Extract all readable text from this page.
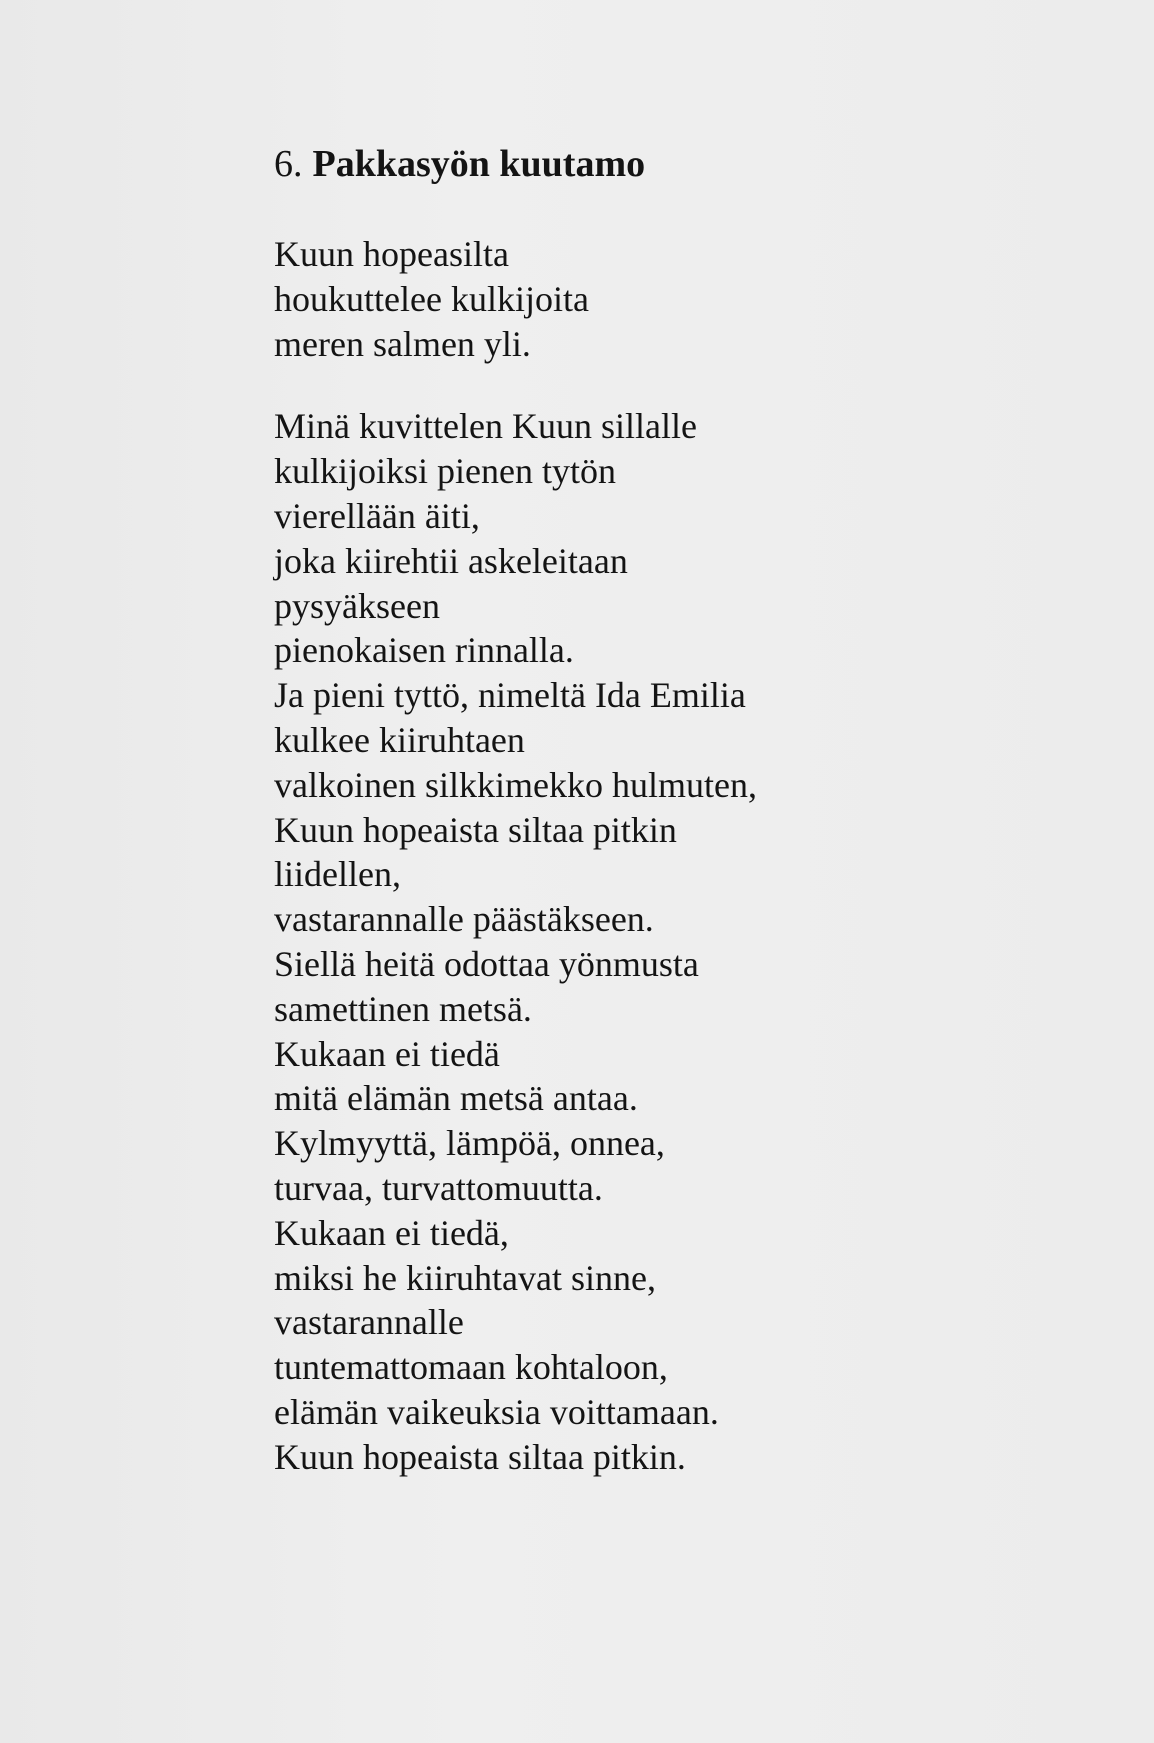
6. Pakkasyön kuutamo
Kuun hopeasilta
houkuttelee kulkijoita
meren salmen yli.
Minä kuvittelen Kuun sillalle
kulkijoiksi pienen tytön
vierellään äiti,
joka kiirehtii askeleitaan
pysyäkseen
pienokaisen rinnalla.
Ja pieni tyttö, nimeltä Ida Emilia
kulkee kiiruhtaen
valkoinen silkkimekko hulmuten,
Kuun hopeaista siltaa pitkin
liidellen,
vastarannalle päästäkseen.
Siellä heitä odottaa yönmusta
samettinen metsä.
Kukaan ei tiedä
mitä elämän metsä antaa.
Kylmyyttä, lämpöä, onnea,
turvaa, turvattomuutta.
Kukaan ei tiedä,
miksi he kiiruhtavat sinne,
vastarannalle
tuntemattomaan kohtaloon,
elämän vaikeuksia voittamaan.
Kuun hopeaista siltaa pitkin.
